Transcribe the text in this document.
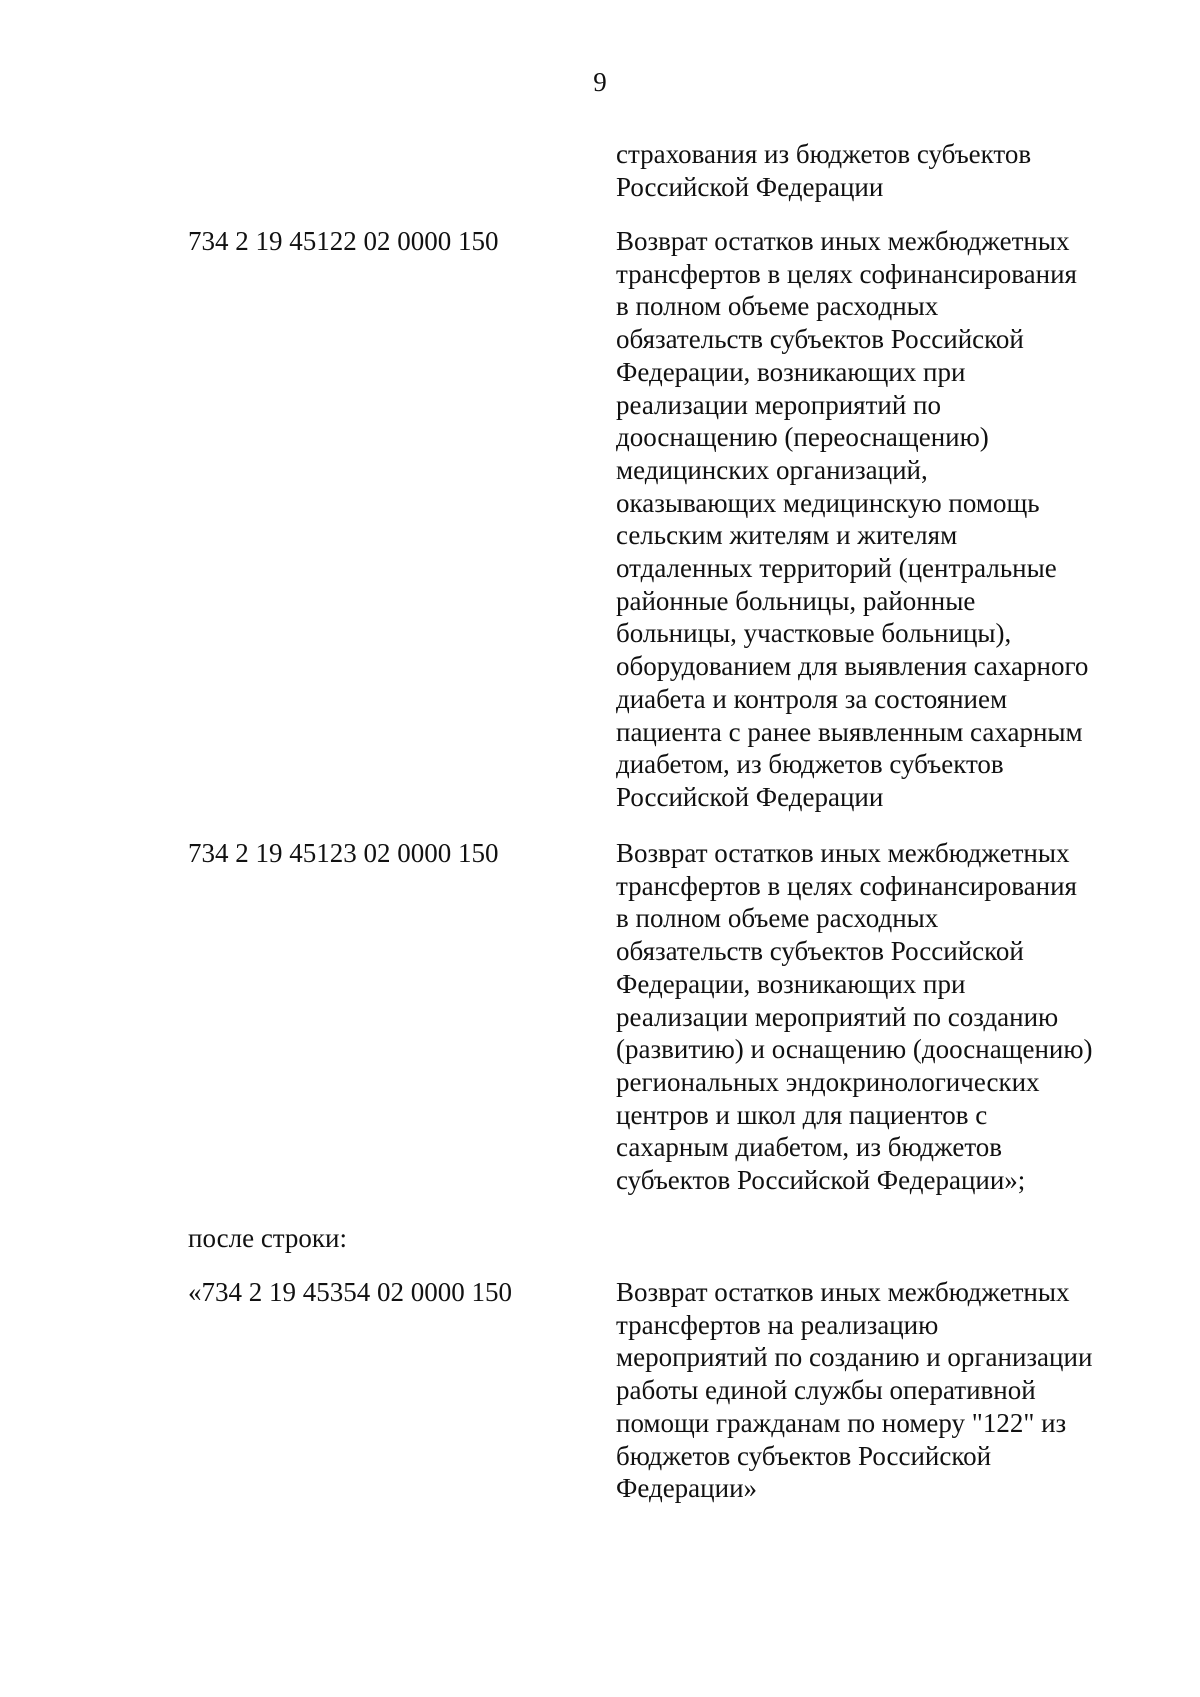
9
страхования из бюджетов субъектов
Российской Федерации
734 2 19 45122 02 0000 150	Возврат остатков иных межбюджетных
трансфертов в целях софинансирования
в полном объеме расходных
обязательств субъектов Российской
Федерации, возникающих при
реализации мероприятий по
дооснащению (переоснащению)
медицинских организаций,
оказывающих медицинскую помощь
сельским жителям и жителям
отдаленных территорий (центральные
районные больницы, районные
больницы, участковые больницы),
оборудованием для выявления сахарного
диабета и контроля за состоянием
пациента с ранее выявленным сахарным
диабетом, из бюджетов субъектов
Российской Федерации
734 2 19 45123 02 0000 150	Возврат остатков иных межбюджетных
трансфертов в целях софинансирования
в полном объеме расходных
обязательств субъектов Российской
Федерации, возникающих при
реализации мероприятий по созданию
(развитию) и оснащению (дооснащению)
региональных эндокринологических
центров и школ для пациентов с
сахарным диабетом, из бюджетов
субъектов Российской Федерации»;
после строки:
«734 2 19 45354 02 0000 150	Возврат остатков иных межбюджетных
трансфертов на реализацию
мероприятий по созданию и организации
работы единой службы оперативной
помощи гражданам по номеру "122" из
бюджетов субъектов Российской
Федерации»
